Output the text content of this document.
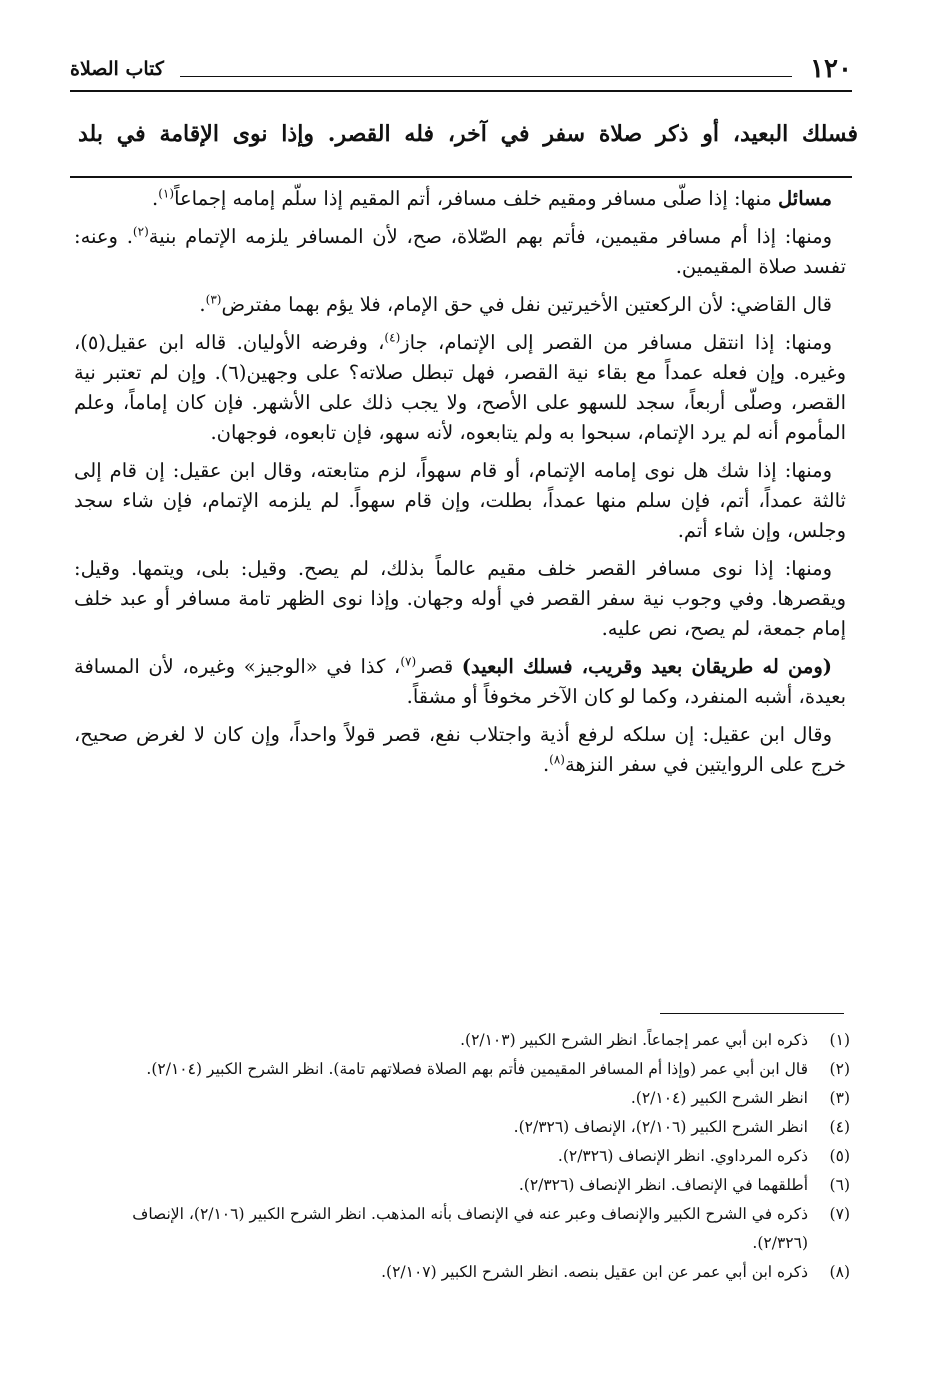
١٢٠
كتاب الصلاة
فسلك البعيد، أو ذكر صلاة سفر في آخر، فله القصر. وإذا نوى الإقامة في بلد

مسائل منها: إذا صلّى مسافر ومقيم خلف مسافر، أتم المقيم إذا سلّم إمامه إجماعاً$^{(١)}$.

ومنها: إذا أم مسافر مقيمين، فأتم بهم الصّلاة، صح، لأن المسافر يلزمه الإتمام بنية$^{(٢)}$. وعنه: تفسد صلاة المقيمين.

قال القاضي: لأن الركعتين الأخيرتين نفل في حق الإمام، فلا يؤم بهما مفترض$^{(٣)}$.

ومنها: إذا انتقل مسافر من القصر إلى الإتمام، جاز$^{(٤)}$، وفرضه الأوليان. قاله ابن عقيل(٥)، وغيره. وإن فعله عمداً مع بقاء نية القصر، فهل تبطل صلاته؟ على وجهين(٦). وإن لم تعتبر نية القصر، وصلّى أربعاً، سجد للسهو على الأصح، ولا يجب ذلك على الأشهر. فإن كان إماماً، وعلم المأموم أنه لم يرد الإتمام، سبحوا به ولم يتابعوه، لأنه سهو، فإن تابعوه، فوجهان.

ومنها: إذا شك هل نوى إمامه الإتمام، أو قام سهواً، لزم متابعته، وقال ابن عقيل: إن قام إلى ثالثة عمداً، أتم، فإن سلم منها عمداً، بطلت، وإن قام سهواً. لم يلزمه الإتمام، فإن شاء سجد وجلس، وإن شاء أتم.

ومنها: إذا نوى مسافر القصر خلف مقيم عالماً بذلك، لم يصح. وقيل: بلى، ويتمها. وقيل: ويقصرها. وفي وجوب نية سفر القصر في أوله وجهان. وإذا نوى الظهر تامة مسافر أو عبد خلف إمام جمعة، لم يصح، نص عليه.

(ومن له طريقان بعيد وقريب، فسلك البعيد) قصر$^{(٧)}$، كذا في «الوجيز» وغيره، لأن المسافة بعيدة، أشبه المنفرد، وكما لو كان الآخر مخوفاً أو مشقاً.

وقال ابن عقيل: إن سلكه لرفع أذية واجتلاب نفع، قصر قولاً واحداً، وإن كان لا لغرض صحيح، خرج على الروايتين في سفر النزهة$^{(٨)}$.

(١)
ذكره ابن أبي عمر إجماعاً. انظر الشرح الكبير (٢/١٠٣).
(٢)
قال ابن أبي عمر (وإذا أم المسافر المقيمين فأتم بهم الصلاة فصلاتهم تامة). انظر الشرح الكبير (٢/١٠٤).
(٣)
انظر الشرح الكبير (٢/١٠٤).
(٤)
انظر الشرح الكبير (٢/١٠٦)، الإنصاف (٢/٣٢٦).
(٥)
ذكره المرداوي. انظر الإنصاف (٢/٣٢٦).
(٦)
أطلقهما في الإنصاف. انظر الإنصاف (٢/٣٢٦).
(٧)
ذكره في الشرح الكبير والإنصاف وعبر عنه في الإنصاف بأنه المذهب. انظر الشرح الكبير (٢/١٠٦)، الإنصاف (٢/٣٢٦).
(٨)
ذكره ابن أبي عمر عن ابن عقيل بنصه. انظر الشرح الكبير (٢/١٠٧).
